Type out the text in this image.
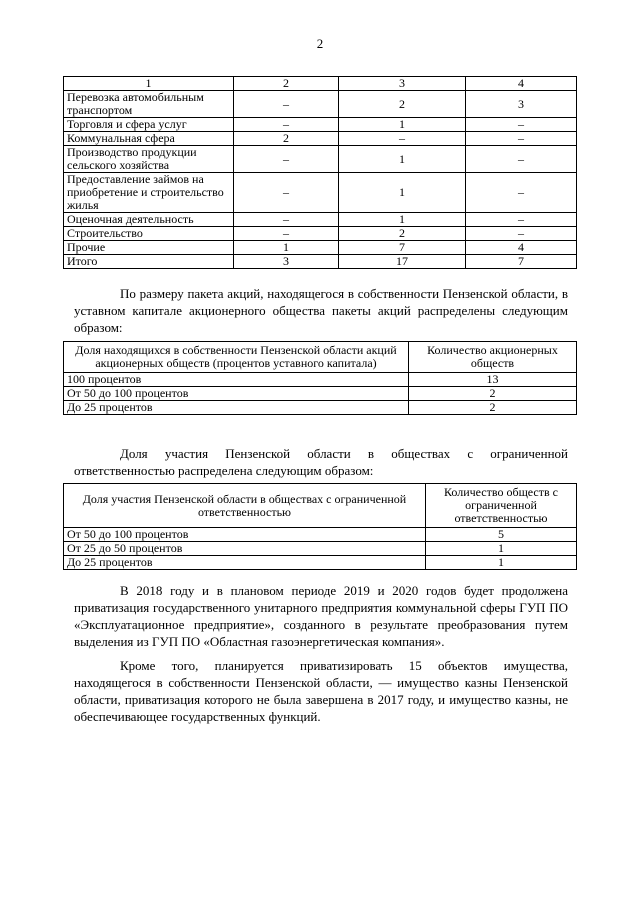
2
1	2	3	4
Перевозка автомобильным транспортом	–	2	3
Торговля и сфера услуг	–	1	–
Коммунальная сфера	2	–	–
Производство продукции сельского хозяйства	–	1	–
Предоставление займов на приобретение и строительство жилья	–	1	–
Оценочная деятельность	–	1	–
Строительство	–	2	–
Прочие	1	7	4
Итого	3	17	7

По размеру пакета акций, находящегося в собственности Пензенской области, в уставном капитале акционерного общества пакеты акций распределены следующим образом:

Доля находящихся в собственности Пензенской области акций акционерных обществ (процентов уставного капитала)	Количество акционерных обществ
100 процентов	13
От 50 до 100 процентов	2
До 25 процентов	2

Доля участия Пензенской области в обществах с ограниченной ответственностью распределена следующим образом:

Доля участия Пензенской области в обществах с ограниченной ответственностью	Количество обществ с ограниченной ответственностью
От 50 до 100 процентов	5
От 25 до 50 процентов	1
До 25 процентов	1

В 2018 году и в плановом периоде 2019 и 2020 годов будет продолжена приватизация государственного унитарного предприятия коммунальной сферы ГУП ПО «Эксплуатационное предприятие», созданного в результате преобразования путем выделения из ГУП ПО «Областная газоэнергетическая компания».

Кроме того, планируется приватизировать 15 объектов имущества, находящегося в собственности Пензенской области, — имущество казны Пензенской области, приватизация которого не была завершена в 2017 году, и имущество казны, не обеспечивающее государственных функций.
